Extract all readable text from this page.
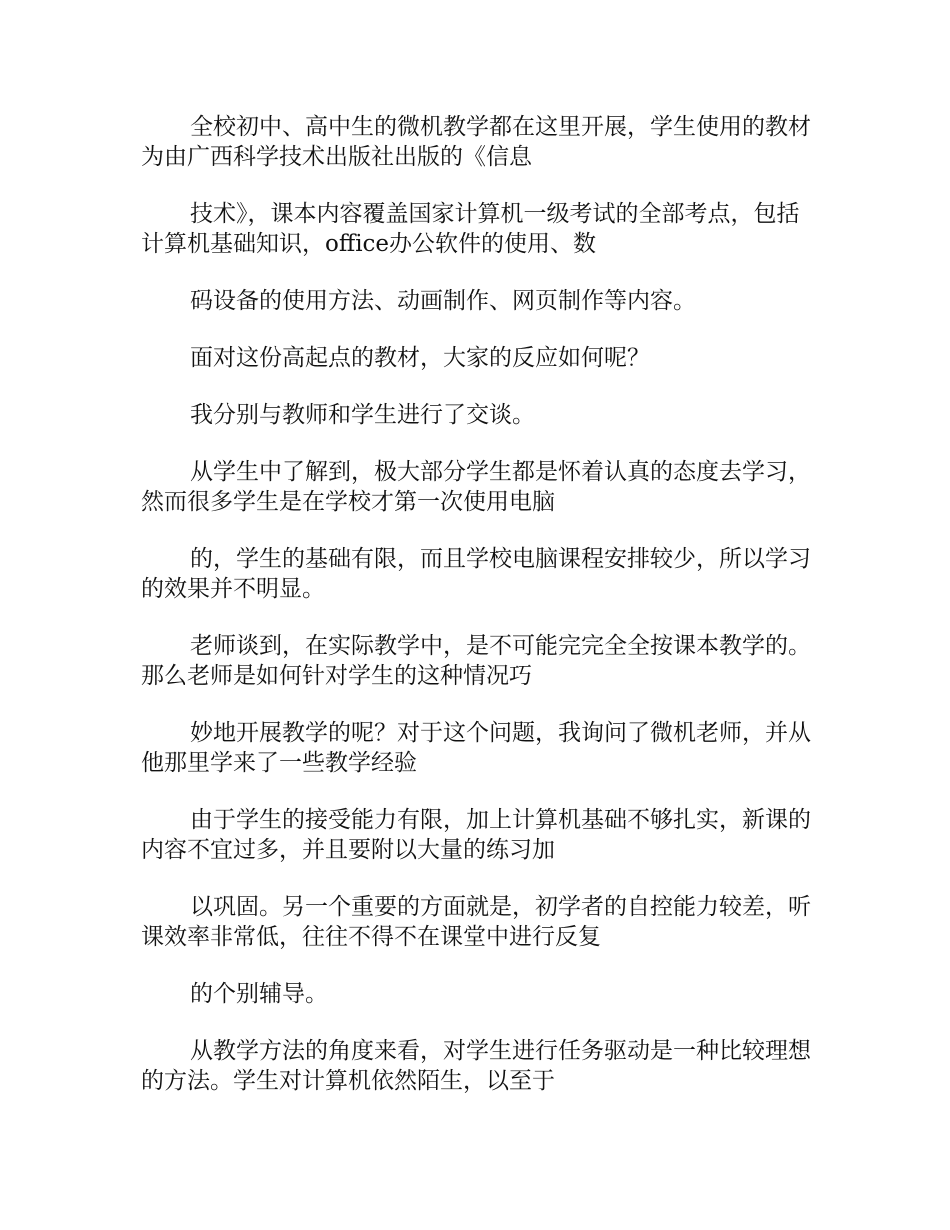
全校初中、高中生的微机教学都在这里开展，学生使用的教材为由广西科学技术出版社出版的《信息

技术》，课本内容覆盖国家计算机一级考试的全部考点，包括计算机基础知识，office办公软件的使用、数

码设备的使用方法、动画制作、网页制作等内容。

面对这份高起点的教材，大家的反应如何呢？

我分别与教师和学生进行了交谈。

从学生中了解到，极大部分学生都是怀着认真的态度去学习，然而很多学生是在学校才第一次使用电脑

的，学生的基础有限，而且学校电脑课程安排较少，所以学习的效果并不明显。

老师谈到，在实际教学中，是不可能完完全全按课本教学的。那么老师是如何针对学生的这种情况巧

妙地开展教学的呢？对于这个问题，我询问了微机老师，并从他那里学来了一些教学经验

由于学生的接受能力有限，加上计算机基础不够扎实，新课的内容不宜过多，并且要附以大量的练习加

以巩固。另一个重要的方面就是，初学者的自控能力较差，听课效率非常低，往往不得不在课堂中进行反复

的个别辅导。

从教学方法的角度来看，对学生进行任务驱动是一种比较理想的方法。学生对计算机依然陌生，以至于
